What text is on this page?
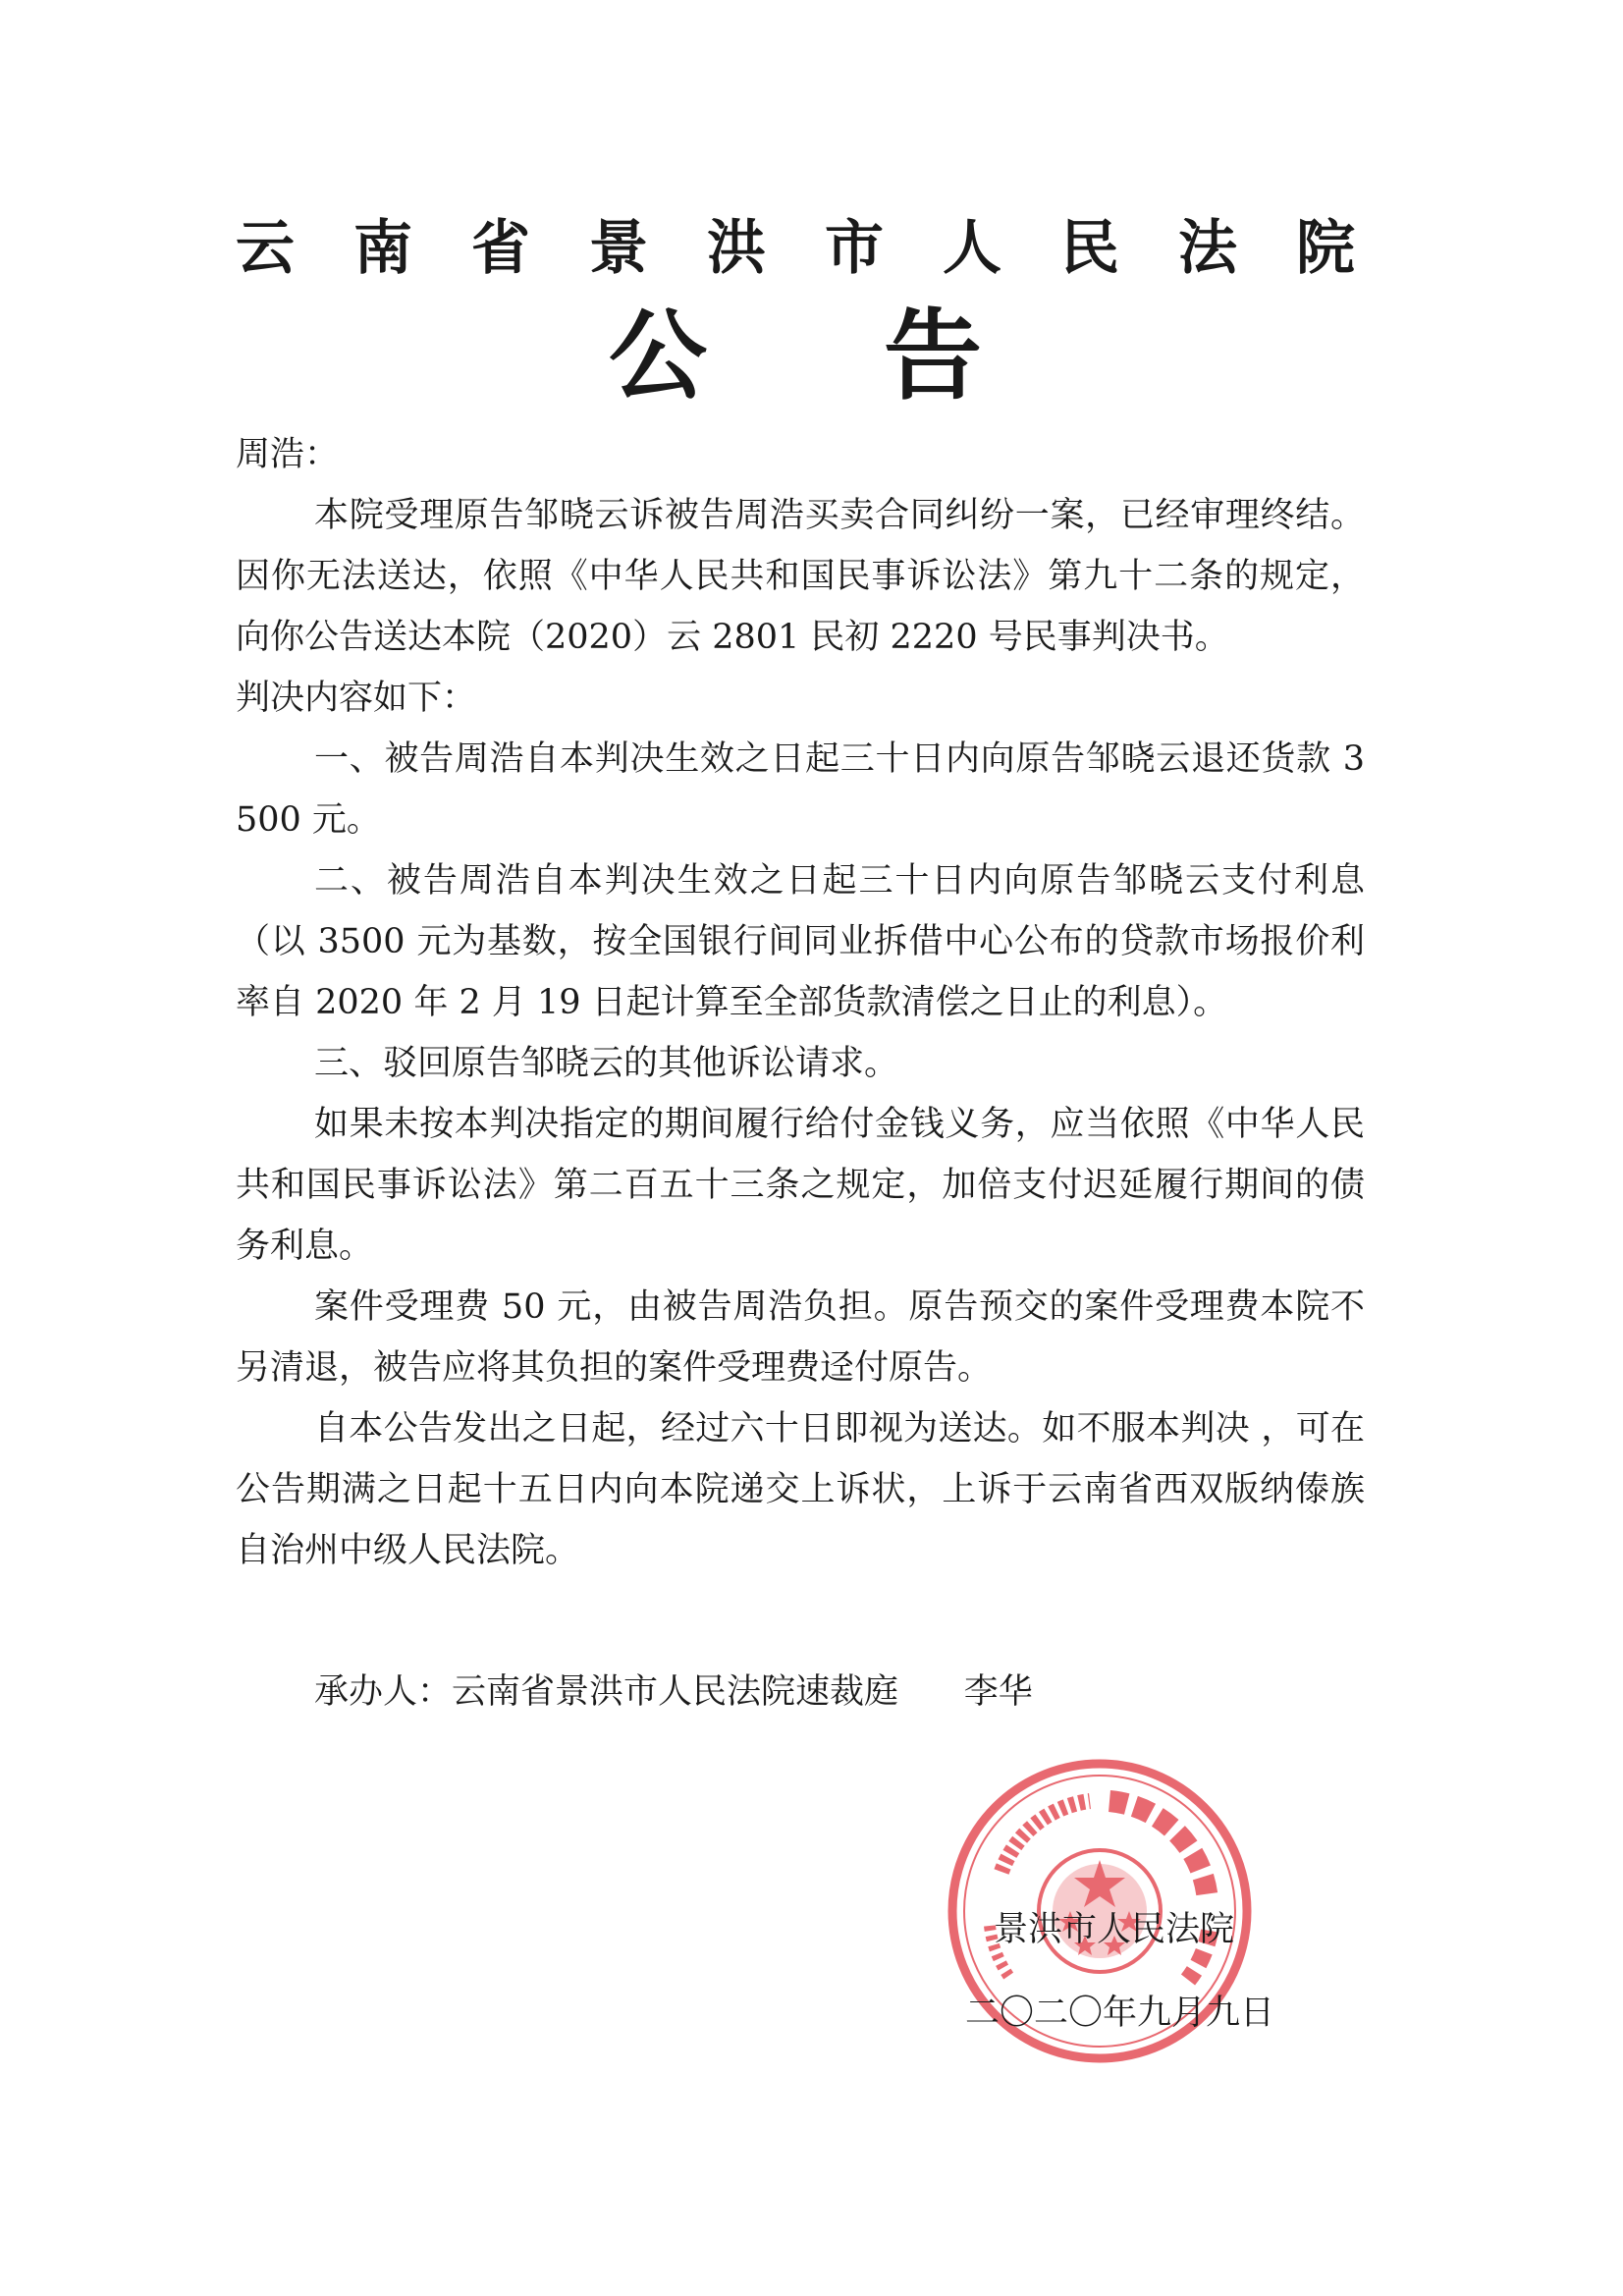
云 南 省 景 洪 市 人 民 法 院
公 告

周浩：

本院受理原告邹晓云诉被告周浩买卖合同纠纷一案，已经审理终结。因你无法送达，依照《中华人民共和国民事诉讼法》第九十二条的规定，向你公告送达本院（2020）云 2801 民初 2220 号民事判决书。

判决内容如下：

一、被告周浩自本判决生效之日起三十日内向原告邹晓云退还货款 3500 元。

二、被告周浩自本判决生效之日起三十日内向原告邹晓云支付利息（以 3500 元为基数，按全国银行间同业拆借中心公布的贷款市场报价利率自 2020 年 2 月 19 日起计算至全部货款清偿之日止的利息）。

三、驳回原告邹晓云的其他诉讼请求。

如果未按本判决指定的期间履行给付金钱义务，应当依照《中华人民共和国民事诉讼法》第二百五十三条之规定，加倍支付迟延履行期间的债务利息。

案件受理费 50 元，由被告周浩负担。原告预交的案件受理费本院不另清退，被告应将其负担的案件受理费迳付原告。

自本公告发出之日起，经过六十日即视为送达。如不服本判决 ，可在公告期满之日起十五日内向本院递交上诉状，上诉于云南省西双版纳傣族自治州中级人民法院。

承办人：云南省景洪市人民法院速裁庭 李华
景洪市人民法院
二〇二〇年九月九日
